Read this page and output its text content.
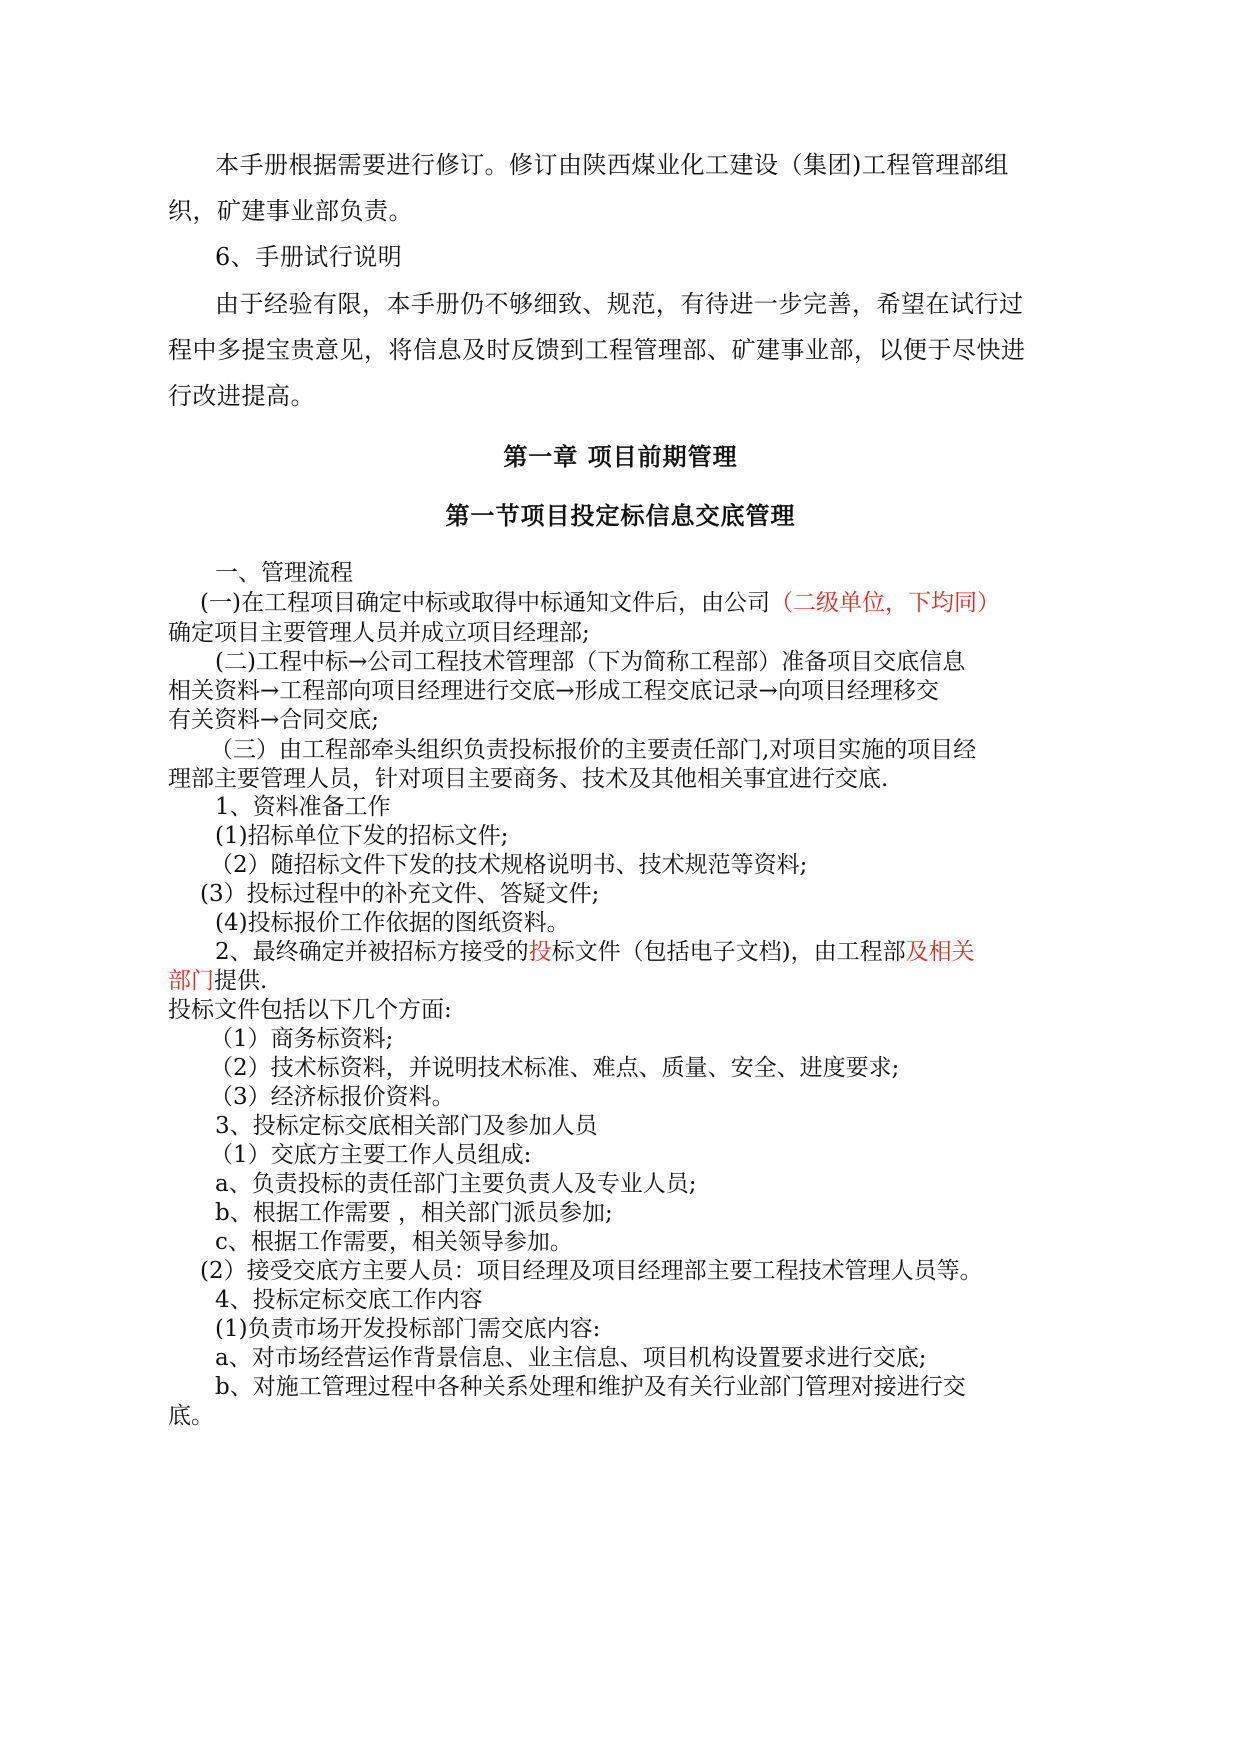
本手册根据需要进行修订。修订由陕西煤业化工建设（集团)工程管理部组
织，矿建事业部负责。
6、手册试行说明
由于经验有限，本手册仍不够细致、规范，有待进一步完善，希望在试行过
程中多提宝贵意见，将信息及时反馈到工程管理部、矿建事业部，以便于尽快进
行改进提高。
第一章 项目前期管理
第一节项目投定标信息交底管理
一、管理流程
(一)在工程项目确定中标或取得中标通知文件后，由公司（二级单位，下均同）
确定项目主要管理人员并成立项目经理部;
(二)工程中标→公司工程技术管理部（下为简称工程部）准备项目交底信息
相关资料→工程部向项目经理进行交底→形成工程交底记录→向项目经理移交
有关资料→合同交底;
（三）由工程部牵头组织负责投标报价的主要责任部门,对项目实施的项目经
理部主要管理人员，针对项目主要商务、技术及其他相关事宜进行交底.
1、资料准备工作
(1)招标单位下发的招标文件;
（2）随招标文件下发的技术规格说明书、技术规范等资料;
(3）投标过程中的补充文件、答疑文件;
(4)投标报价工作依据的图纸资料。
2、最终确定并被招标方接受的投标文件（包括电子文档)，由工程部及相关
部门提供.
投标文件包括以下几个方面:
（1）商务标资料;
（2）技术标资料，并说明技术标准、难点、质量、安全、进度要求;
（3）经济标报价资料。
3、投标定标交底相关部门及参加人员
（1）交底方主要工作人员组成:
a、负责投标的责任部门主要负责人及专业人员;
b、根据工作需要 ，相关部门派员参加;
c、根据工作需要，相关领导参加。
(2）接受交底方主要人员：项目经理及项目经理部主要工程技术管理人员等。
4、投标定标交底工作内容
(1)负责市场开发投标部门需交底内容:
a、对市场经营运作背景信息、业主信息、项目机构设置要求进行交底;
b、对施工管理过程中各种关系处理和维护及有关行业部门管理对接进行交
底。
